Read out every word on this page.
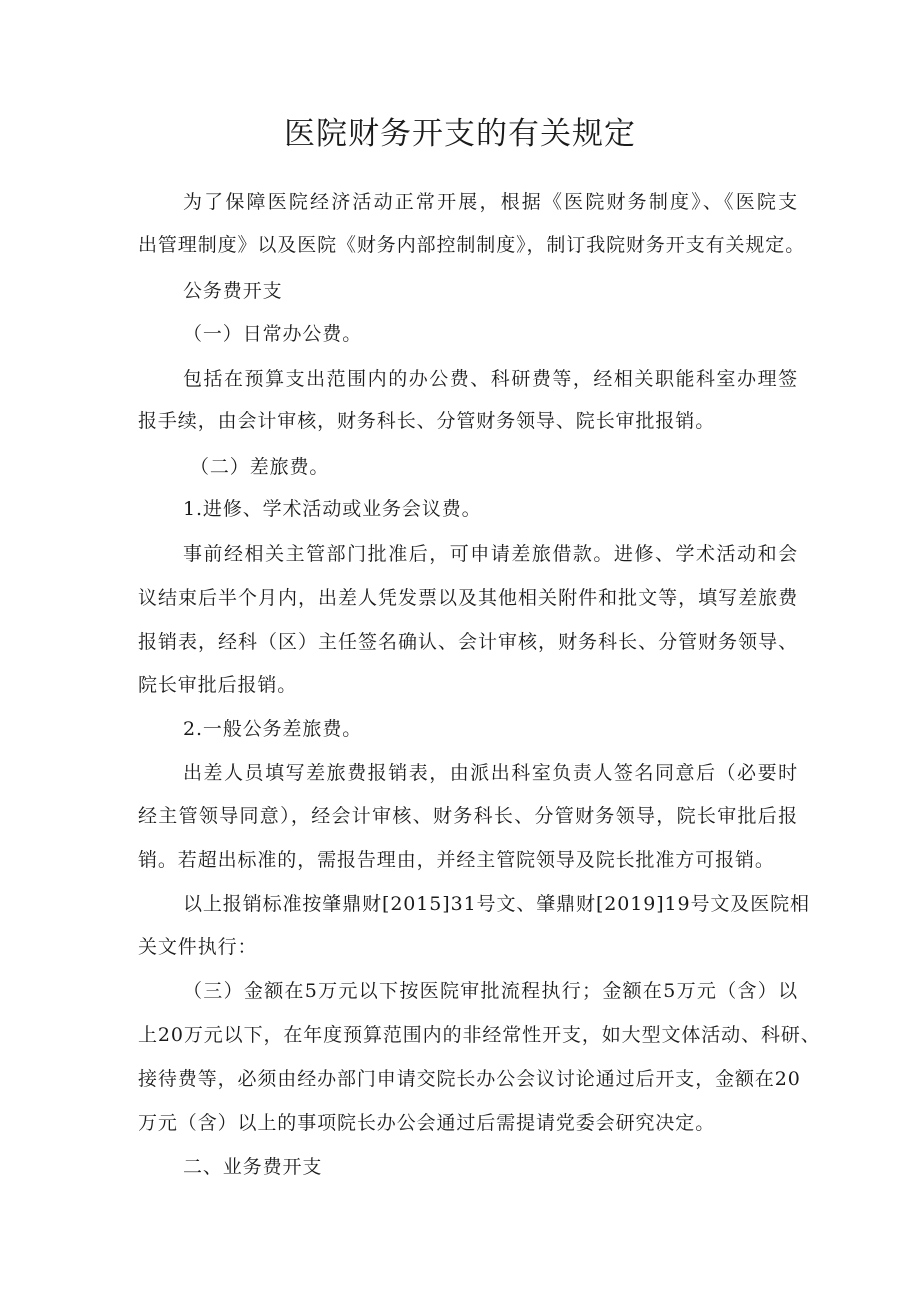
医院财务开支的有关规定
为了保障医院经济活动正常开展，根据《医院财务制度》、《医院支
出管理制度》以及医院《财务内部控制制度》，制订我院财务开支有关规定。
公务费开支
（一）日常办公费。
包括在预算支出范围内的办公费、科研费等，经相关职能科室办理签
报手续，由会计审核，财务科长、分管财务领导、院长审批报销。
（二）差旅费。
1.进修、学术活动或业务会议费。
事前经相关主管部门批准后，可申请差旅借款。进修、学术活动和会
议结束后半个月内，出差人凭发票以及其他相关附件和批文等，填写差旅费
报销表，经科（区）主任签名确认、会计审核，财务科长、分管财务领导、
院长审批后报销。
2.一般公务差旅费。
出差人员填写差旅费报销表，由派出科室负责人签名同意后（必要时
经主管领导同意），经会计审核、财务科长、分管财务领导，院长审批后报
销。若超出标准的，需报告理由，并经主管院领导及院长批准方可报销。
以上报销标准按肇鼎财[2015]31号文、肇鼎财[2019]19号文及医院相
关文件执行：
（三）金额在5万元以下按医院审批流程执行；金额在5万元（含）以
上20万元以下，在年度预算范围内的非经常性开支，如大型文体活动、科研、
接待费等，必须由经办部门申请交院长办公会议讨论通过后开支，金额在20
万元（含）以上的事项院长办公会通过后需提请党委会研究决定。
二、业务费开支
